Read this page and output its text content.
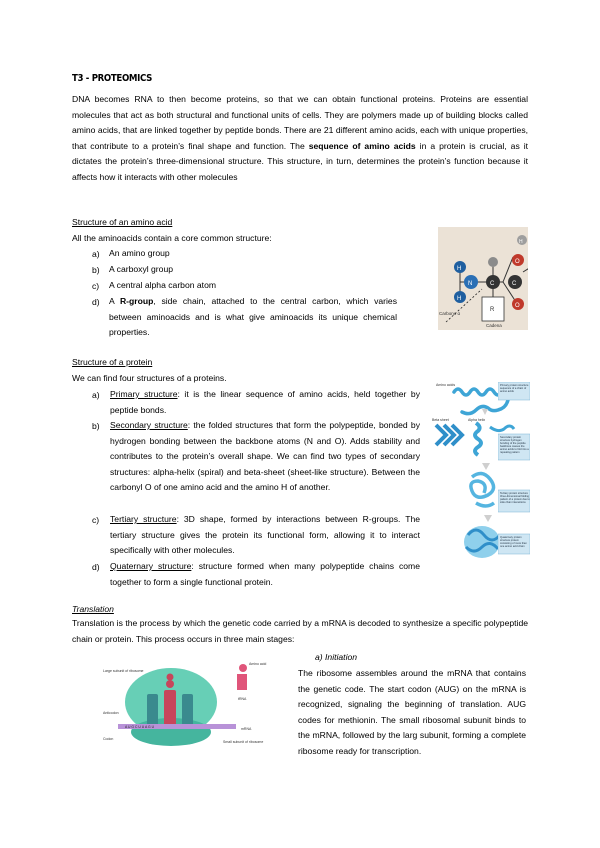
T3 - PROTEOMICS

DNA becomes RNA to then become proteins, so that we can obtain functional proteins. Proteins are essential molecules that act as both structural and functional units of cells. They are polymers made up of building blocks called amino acids, that are linked together by peptide bonds. There are 21 different amino acids, each with unique properties, that contribute to a protein’s final shape and function. The sequence of amino acids in a protein is crucial, as it dictates the protein’s three-dimensional structure. This structure, in turn, determines the protein’s function because it affects how it interacts with other molecules

Structure of an amino acid
All the aminoacids contain a core common structure:
a) An amino group
b) A carboxyl group
c) A central alpha carbon atom
d) A R-group, side chain, attached to the central carbon, which varies between aminoacids and is what give aminoacids its unique chemical properties.
H
H
N	C	C
O
O
H
R
Carbono α
Cadena
Structure of a protein
We can find four structures of a proteins.
a) Primary structure: it is the linear sequence of amino acids, held together by peptide bonds.
b) Secondary structure: the folded structures that form the polypeptide, bonded by hydrogen bonding between the backbone atoms (N and O). Adds stability and contributes to the protein’s overall shape. We can find two types of secondary structures: alpha-helix (spiral) and beta-sheet (sheet-like structure). Between the carbonyl O of one amino acid and the amino H of another.
c) Tertiary structure: 3D shape, formed by interactions between R-groups. The tertiary structure gives the protein its functional form, allowing it to interact specifically with other molecules.
d) Quaternary structure: structure formed when many polypeptide chains come together to form a single functional protein.
Amino acids
Beta sheet	Alpha helix
Primary protein structure sequence of a chain of amino acids
Secondary protein structure hydrogen bonding of the peptide backbone causes the amino acids to fold into a repeating pattern
Tertiary protein structure three-dimensional folding pattern of a protein due to side chain interactions
Quaternary protein structure protein consisting of more than one amino acid chain
Translation

Translation is the process by which the genetic code carried by a mRNA is decoded to synthesize a specific polypeptide chain or protein. This process occurs in three main stages:

a) Initiation

The ribosome assembles around the mRNA that contains the genetic code. The start codon (AUG) on the mRNA is recognized, signaling the beginning of translation. AUG codes for methionin. The small ribosomal subunit binds to the mRNA, followed by the larg subunit, forming a complete ribosome ready for transcription.

A U G C U U A G U
Large subunit of ribosome
Anticodon
Codon
tRNA
Amino acid
mRNA
Small subunit of ribosome
